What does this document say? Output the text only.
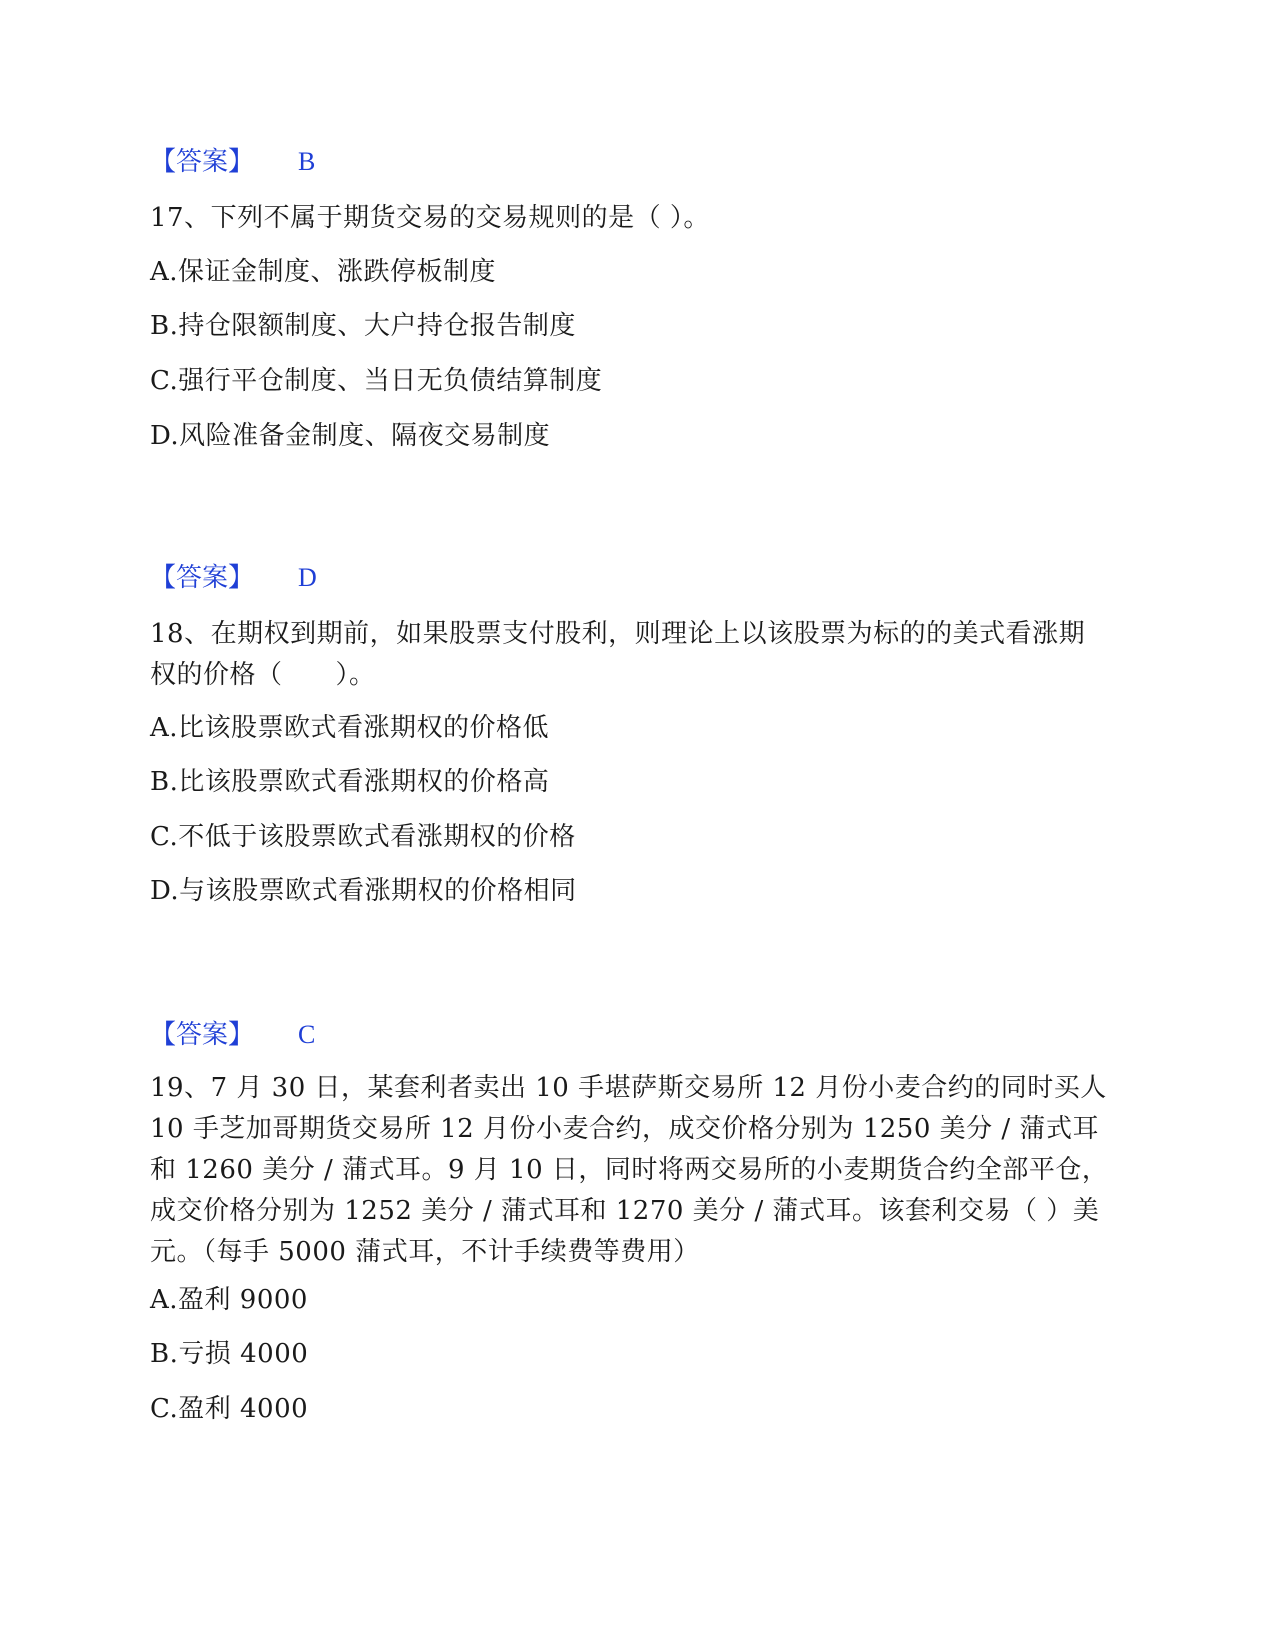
【答案】 B
17、下列不属于期货交易的交易规则的是（ ）。
A.保证金制度、涨跌停板制度
B.持仓限额制度、大户持仓报告制度
C.强行平仓制度、当日无负债结算制度
D.风险准备金制度、隔夜交易制度
【答案】 D
18、在期权到期前，如果股票支付股利，则理论上以该股票为标的的美式看涨期权的价格（　　）。
A.比该股票欧式看涨期权的价格低
B.比该股票欧式看涨期权的价格高
C.不低于该股票欧式看涨期权的价格
D.与该股票欧式看涨期权的价格相同
【答案】 C
19、7 月 30 日，某套利者卖出 10 手堪萨斯交易所 12 月份小麦合约的同时买人 10 手芝加哥期货交易所 12 月份小麦合约，成交价格分别为 1250 美分 / 蒲式耳和 1260 美分 / 蒲式耳。9 月 10 日，同时将两交易所的小麦期货合约全部平仓，成交价格分别为 1252 美分 / 蒲式耳和 1270 美分 / 蒲式耳。该套利交易（ ）美元。（每手 5000 蒲式耳，不计手续费等费用）
A.盈利 9000
B.亏损 4000
C.盈利 4000
